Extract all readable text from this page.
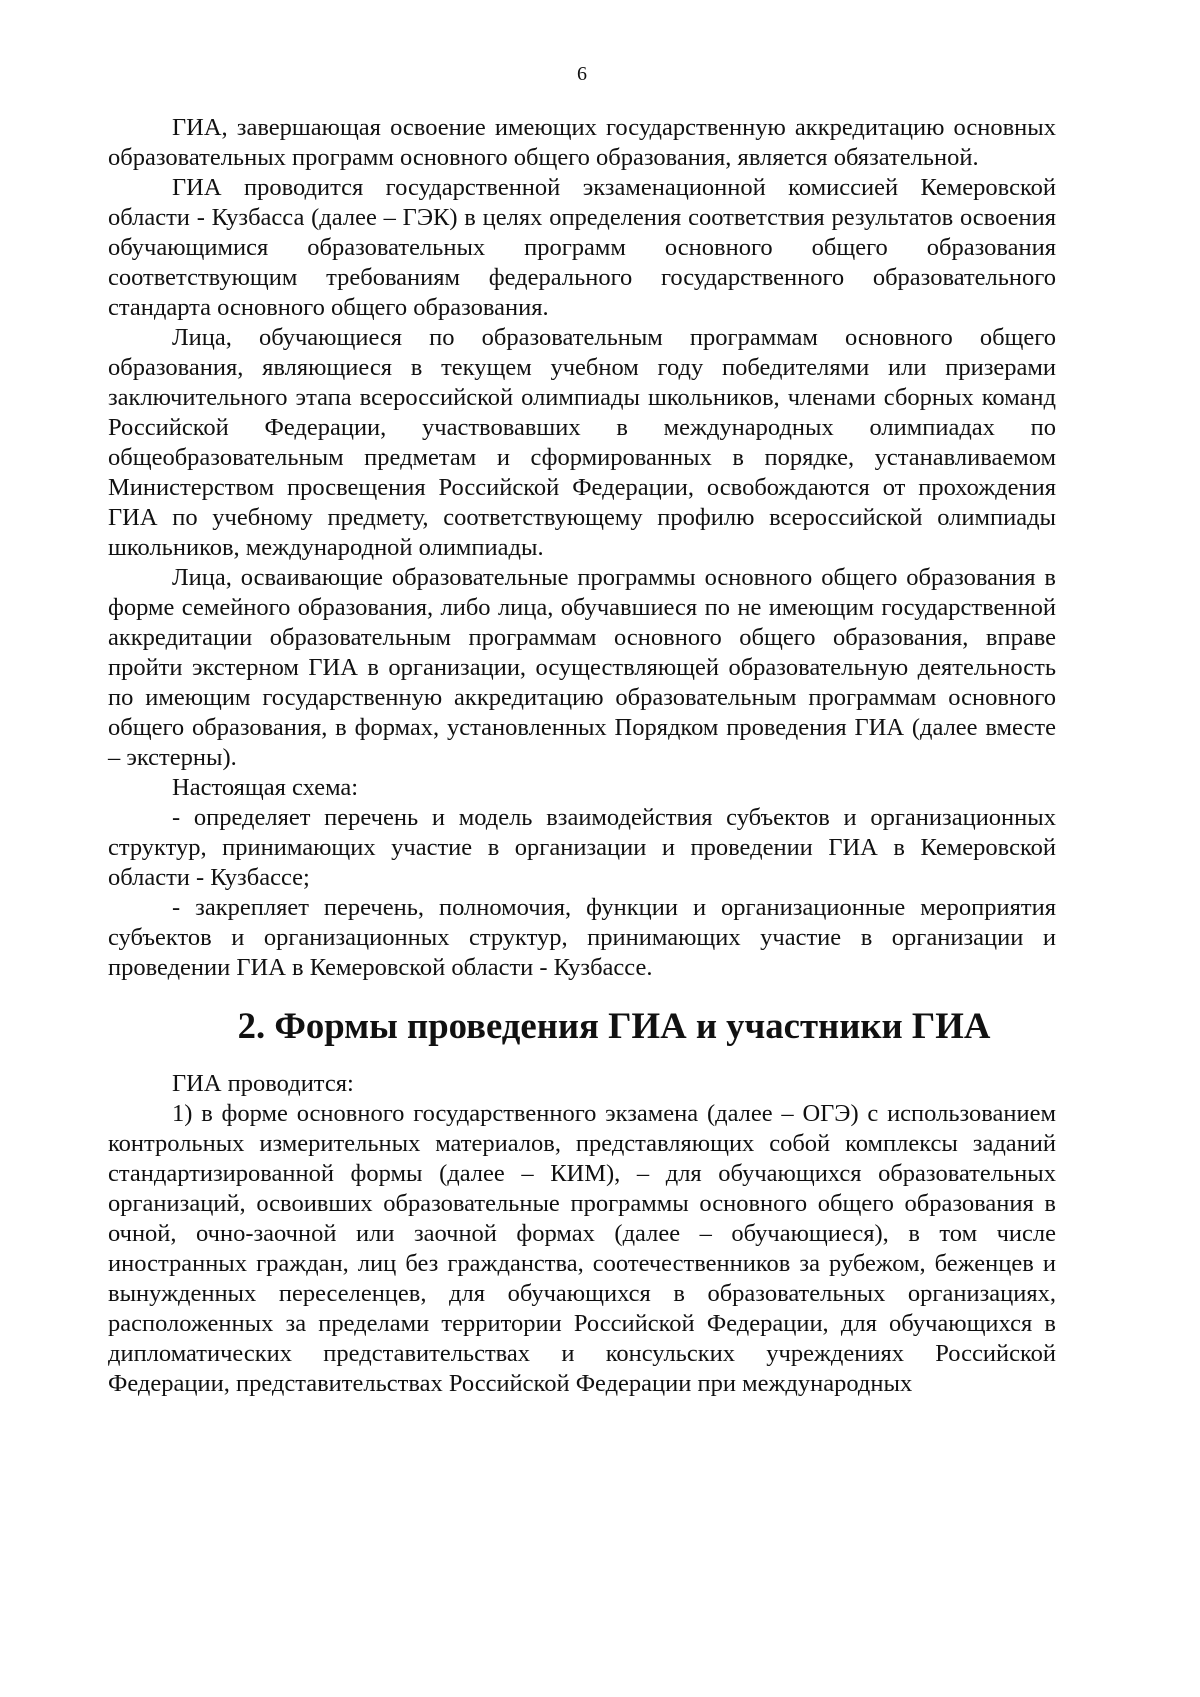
6

ГИА, завершающая освоение имеющих государственную аккредитацию основных образовательных программ основного общего образования, является обязательной.

ГИА проводится государственной экзаменационной комиссией Кемеровской области - Кузбасса (далее – ГЭК) в целях определения соответствия результатов освоения обучающимися образовательных программ основного общего образования соответствующим требованиям федерального государственного образовательного стандарта основного общего образования.

Лица, обучающиеся по образовательным программам основного общего образования, являющиеся в текущем учебном году победителями или призерами заключительного этапа всероссийской олимпиады школьников, членами сборных команд Российской Федерации, участвовавших в международных олимпиадах по общеобразовательным предметам и сформированных в порядке, устанавливаемом Министерством просвещения Российской Федерации, освобождаются от прохождения ГИА по учебному предмету, соответствующему профилю всероссийской олимпиады школьников, международной олимпиады.

Лица, осваивающие образовательные программы основного общего образования в форме семейного образования, либо лица, обучавшиеся по не имеющим государственной аккредитации образовательным программам основного общего образования, вправе пройти экстерном ГИА в организации, осуществляющей образовательную деятельность по имеющим государственную аккредитацию образовательным программам основного общего образования, в формах, установленных Порядком проведения ГИА (далее вместе – экстерны).

Настоящая схема:

- определяет перечень и модель взаимодействия субъектов и организационных структур, принимающих участие в организации и проведении ГИА в Кемеровской области - Кузбассе;

- закрепляет перечень, полномочия, функции и организационные мероприятия субъектов и организационных структур, принимающих участие в организации и проведении ГИА в Кемеровской области - Кузбассе.

2. Формы проведения ГИА и участники ГИА

ГИА проводится:

1) в форме основного государственного экзамена (далее – ОГЭ) с использованием контрольных измерительных материалов, представляющих собой комплексы заданий стандартизированной формы (далее – КИМ), – для обучающихся образовательных организаций, освоивших образовательные программы основного общего образования в очной, очно-заочной или заочной формах (далее – обучающиеся), в том числе иностранных граждан, лиц без гражданства, соотечественников за рубежом, беженцев и вынужденных переселенцев, для обучающихся в образовательных организациях, расположенных за пределами территории Российской Федерации, для обучающихся в дипломатических представительствах и консульских учреждениях Российской Федерации, представительствах Российской Федерации при международных
